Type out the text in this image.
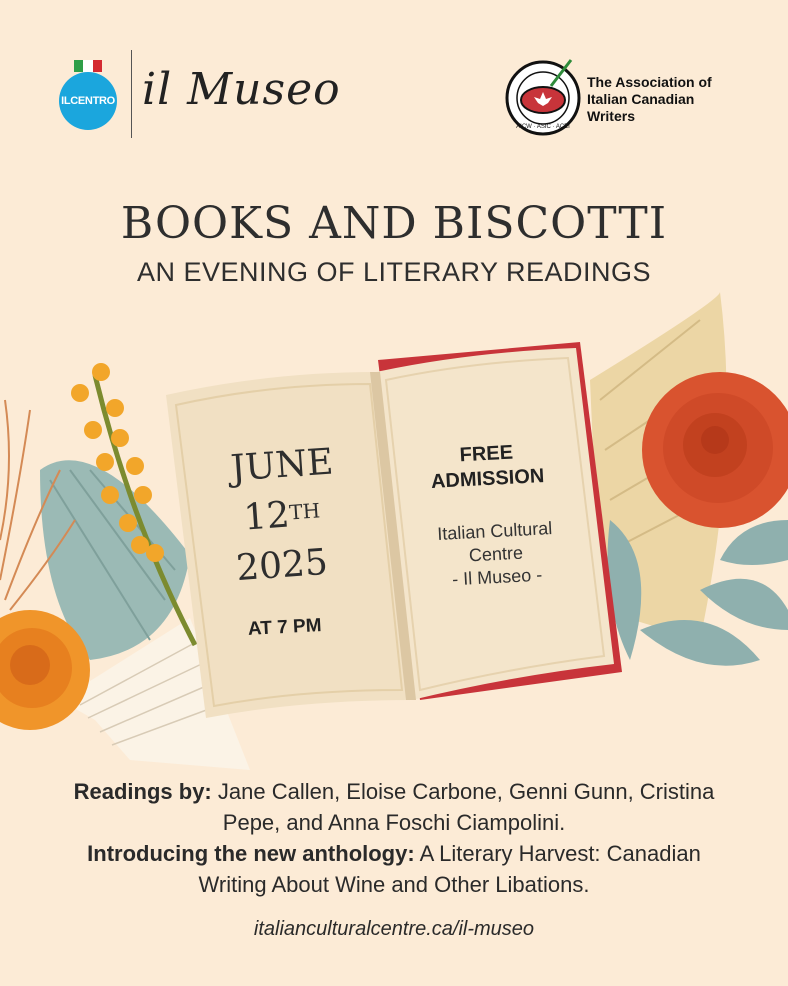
ILCENTRO il Museo
AICW · ASIC · ACEI
The Association of
Italian Canadian
Writers
BOOKS AND BISCOTTI
AN EVENING OF LITERARY READINGS
JUNE
12TH
2025
AT 7 PM
FREE
ADMISSION
Italian Cultural
Centre
- Il Museo -
Readings by: Jane Callen, Eloise Carbone, Genni Gunn, Cristina Pepe, and Anna Foschi Ciampolini.
Introducing the new anthology: A Literary Harvest: Canadian Writing About Wine and Other Libations.
italianculturalcentre.ca/il-museo
